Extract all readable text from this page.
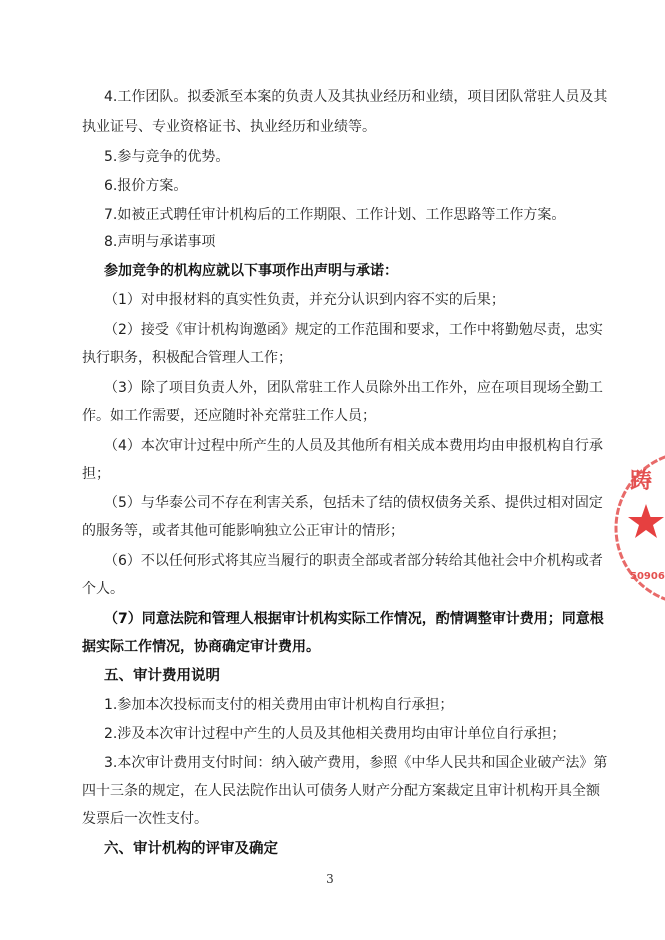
4.工作团队。拟委派至本案的负责人及其执业经历和业绩，项目团队常驻人员及其

执业证号、专业资格证书、执业经历和业绩等。

5.参与竞争的优势。

6.报价方案。

7.如被正式聘任审计机构后的工作期限、工作计划、工作思路等工作方案。

8.声明与承诺事项

参加竞争的机构应就以下事项作出声明与承诺：

（1）对申报材料的真实性负责，并充分认识到内容不实的后果；

（2）接受《审计机构询邀函》规定的工作范围和要求，工作中将勤勉尽责，忠实

执行职务，积极配合管理人工作；

（3）除了项目负责人外，团队常驻工作人员除外出工作外，应在项目现场全勤工

作。如工作需要，还应随时补充常驻工作人员；

（4）本次审计过程中所产生的人员及其他所有相关成本费用均由申报机构自行承

担；

（5）与华泰公司不存在利害关系，包括未了结的债权债务关系、提供过相对固定

的服务等，或者其他可能影响独立公正审计的情形；

（6）不以任何形式将其应当履行的职责全部或者部分转给其他社会中介机构或者

个人。

（7）同意法院和管理人根据审计机构实际工作情况，酌情调整审计费用；同意根

据实际工作情况，协商确定审计费用。

五、审计费用说明

1.参加本次投标而支付的相关费用由审计机构自行承担；

2.涉及本次审计过程中产生的人员及其他相关费用均由审计单位自行承担；

3.本次审计费用支付时间：纳入破产费用，参照《中华人民共和国企业破产法》第

四十三条的规定，在人民法院作出认可债务人财产分配方案裁定且审计机构开具全额

发票后一次性支付。

六、审计机构的评审及确定

3
踌
50906
